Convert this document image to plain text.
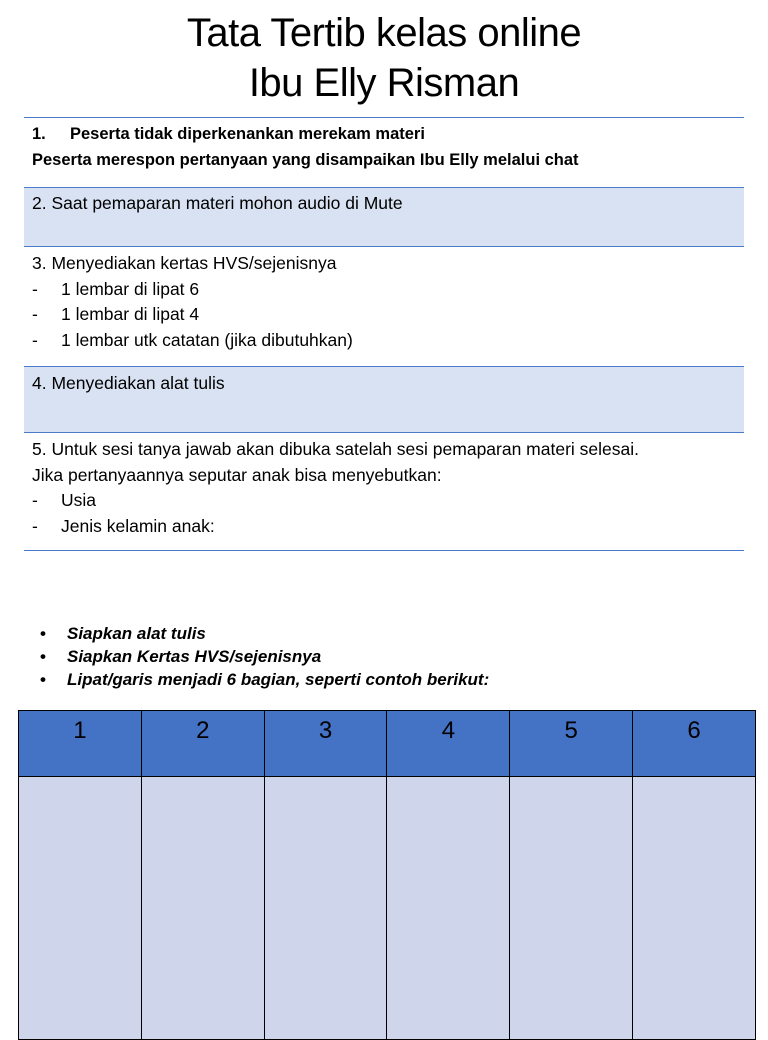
Tata Tertib kelas online
Ibu Elly Risman
1. Peserta tidak diperkenankan merekam materi
Peserta merespon pertanyaan yang disampaikan Ibu Elly melalui chat
2. Saat pemaparan materi mohon audio di Mute
3. Menyediakan kertas HVS/sejenisnya
-	1 lembar di lipat 6
-	1 lembar di lipat 4
-	1 lembar utk catatan (jika dibutuhkan)
4. Menyediakan alat tulis
5. Untuk sesi tanya jawab akan dibuka satelah sesi pemaparan materi selesai.
Jika pertanyaannya seputar anak bisa menyebutkan:
-	Usia
-	Jenis kelamin anak:
•	Siapkan alat tulis
•	Siapkan Kertas HVS/sejenisnya
•	Lipat/garis menjadi 6 bagian, seperti contoh berikut:
1	2	3	4	5	6
